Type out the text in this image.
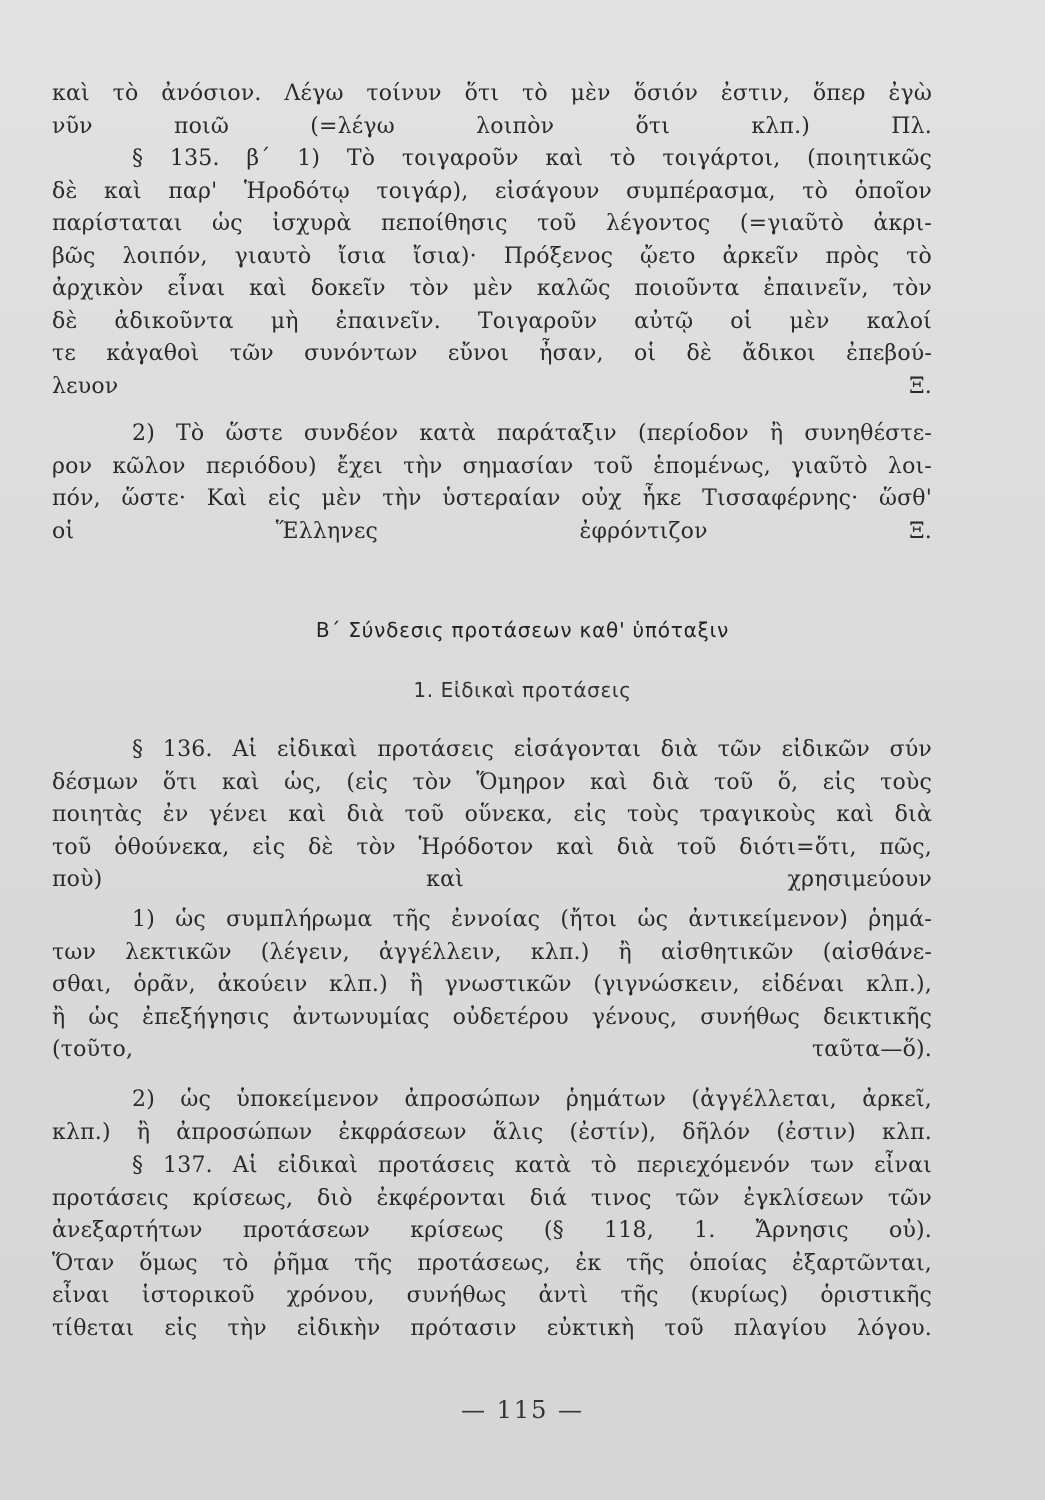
καὶ τὸ ἀνόσιον. Λέγω τοίνυν ὅτι τὸ μὲν ὅσιόν ἐστιν, ὅπερ ἐγὼ
νῦν ποιῶ (=λέγω λοιπὸν ὅτι κλπ.) Πλ.
§ 135. β΄ 1) Τὸ τοιγαροῦν καὶ τὸ τοιγάρτοι, (ποιητικῶς
δὲ καὶ παρ' Ἡροδότῳ τοιγάρ), εἰσάγουν συμπέρασμα, τὸ ὁποῖον
παρίσταται ὡς ἰσχυρὰ πεποίθησις τοῦ λέγοντος (=γιαῦτὸ ἀκρι-
βῶς λοιπόν, γιαυτὸ ἴσια ἴσια)· Πρόξενος ᾤετο ἀρκεῖν πρὸς τὸ
ἀρχικὸν εἶναι καὶ δοκεῖν τὸν μὲν καλῶς ποιοῦντα ἐπαινεῖν, τὸν
δὲ ἀδικοῦντα μὴ ἐπαινεῖν. Τοιγαροῦν αὐτῷ οἱ μὲν καλοί
τε κἀγαθοὶ τῶν συνόντων εὔνοι ἦσαν, οἱ δὲ ἄδικοι ἐπεβού-
λευον Ξ.
2) Τὸ ὥστε συνδέον κατὰ παράταξιν (περίοδον ἢ συνηθέστε-
ρον κῶλον περιόδου) ἔχει τὴν σημασίαν τοῦ ἑπομένως, γιαῦτὸ λοι-
πόν, ὥστε· Καὶ εἰς μὲν τὴν ὑστεραίαν οὐχ ἧκε Τισσαφέρνης· ὥσθ'
οἱ Ἕλληνες ἐφρόντιζον Ξ.
Β΄ Σύνδεσις προτάσεων καθ' ὑπόταξιν
1. Εἰδικαὶ προτάσεις
§ 136. Αἱ εἰδικαὶ προτάσεις εἰσάγονται διὰ τῶν εἰδικῶν σύν
δέσμων ὅτι καὶ ὡς, (εἰς τὸν Ὅμηρον καὶ διὰ τοῦ ὅ, εἰς τοὺς
ποιητὰς ἐν γένει καὶ διὰ τοῦ οὕνεκα, εἰς τοὺς τραγικοὺς καὶ διὰ
τοῦ ὁθούνεκα, εἰς δὲ τὸν Ἡρόδοτον καὶ διὰ τοῦ διότι=ὅτι, πῶς,
ποὺ) καὶ χρησιμεύουν
1) ὡς συμπλήρωμα τῆς ἐννοίας (ἤτοι ὡς ἀντικείμενον) ῥημά-
των λεκτικῶν (λέγειν, ἀγγέλλειν, κλπ.) ἢ αἰσθητικῶν (αἰσθάνε-
σθαι, ὁρᾶν, ἀκούειν κλπ.) ἢ γνωστικῶν (γιγνώσκειν, εἰδέναι κλπ.),
ἢ ὡς ἐπεξήγησις ἀντωνυμίας οὐδετέρου γένους, συνήθως δεικτικῆς
(τοῦτο, ταῦτα—ὅ).
2) ὡς ὑποκείμενον ἀπροσώπων ῥημάτων (ἀγγέλλεται, ἀρκεῖ,
κλπ.) ἢ ἀπροσώπων ἐκφράσεων ἅλις (ἐστίν), δῆλόν (ἐστιν) κλπ.
§ 137. Αἱ εἰδικαὶ προτάσεις κατὰ τὸ περιεχόμενόν των εἶναι
προτάσεις κρίσεως, διὸ ἐκφέρονται διά τινος τῶν ἐγκλίσεων τῶν
ἀνεξαρτήτων προτάσεων κρίσεως (§ 118, 1. Ἄρνησις οὐ).
Ὅταν ὅμως τὸ ῥῆμα τῆς προτάσεως, ἐκ τῆς ὁποίας ἐξαρτῶνται,
εἶναι ἱστορικοῦ χρόνου, συνήθως ἀντὶ τῆς (κυρίως) ὁριστικῆς
τίθεται εἰς τὴν εἰδικὴν πρότασιν εὐκτικὴ τοῦ πλαγίου λόγου.
— 115 —
